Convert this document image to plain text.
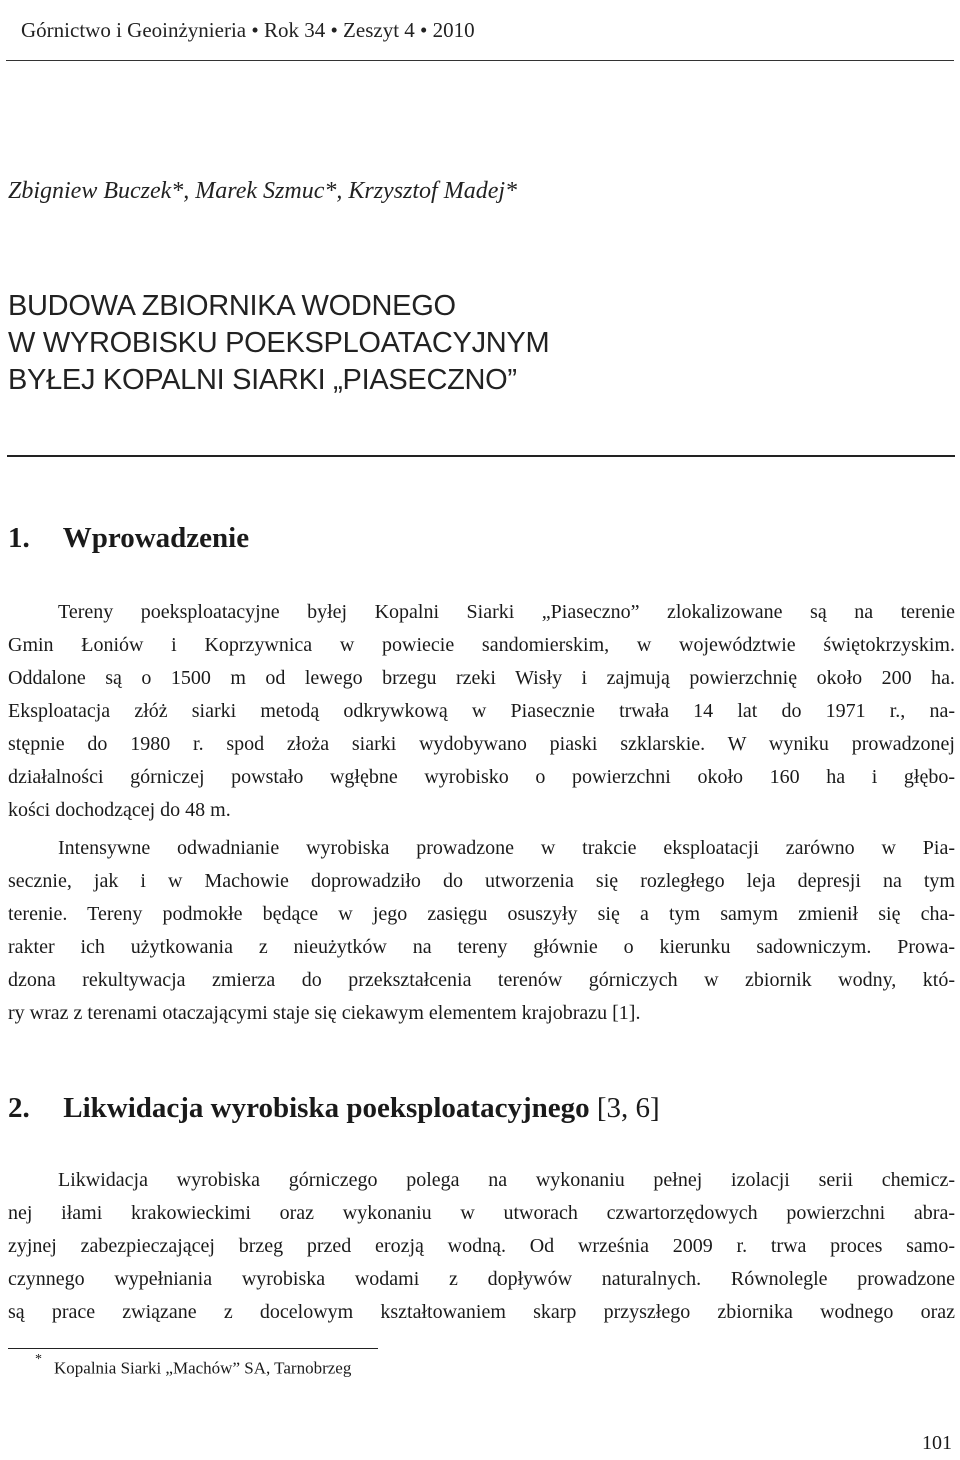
Górnictwo i Geoinżynieria • Rok 34 • Zeszyt 4 • 2010
Zbigniew Buczek*, Marek Szmuc*, Krzysztof Madej*
BUDOWA ZBIORNIKA WODNEGO
W WYROBISKU POEKSPLOATACYJNYM
BYŁEJ KOPALNI SIARKI „PIASECZNO”
1. Wprowadzenie
Tereny poeksploatacyjne byłej Kopalni Siarki „Piaseczno” zlokalizowane są na terenie
Gmin Łoniów i Koprzywnica w powiecie sandomierskim, w województwie świętokrzyskim.
Oddalone są o 1500 m od lewego brzegu rzeki Wisły i zajmują powierzchnię około 200 ha.
Eksploatacja złóż siarki metodą odkrywkową w Piasecznie trwała 14 lat do 1971 r., na-
stępnie do 1980 r. spod złoża siarki wydobywano piaski szklarskie. W wyniku prowadzonej
działalności górniczej powstało wgłębne wyrobisko o powierzchni około 160 ha i głębo-
kości dochodzącej do 48 m.
Intensywne odwadnianie wyrobiska prowadzone w trakcie eksploatacji zarówno w Pia-
secznie, jak i w Machowie doprowadziło do utworzenia się rozległego leja depresji na tym
terenie. Tereny podmokłe będące w jego zasięgu osuszyły się a tym samym zmienił się cha-
rakter ich użytkowania z nieużytków na tereny głównie o kierunku sadowniczym. Prowa-
dzona rekultywacja zmierza do przekształcenia terenów górniczych w zbiornik wodny, któ-
ry wraz z terenami otaczającymi staje się ciekawym elementem krajobrazu [1].
2. Likwidacja wyrobiska poeksploatacyjnego [3, 6]
Likwidacja wyrobiska górniczego polega na wykonaniu pełnej izolacji serii chemicz-
nej iłami krakowieckimi oraz wykonaniu w utworach czwartorzędowych powierzchni abra-
zyjnej zabezpieczającej brzeg przed erozją wodną. Od września 2009 r. trwa proces samo-
czynnego wypełniania wyrobiska wodami z dopływów naturalnych. Równolegle prowadzone
są prace związane z docelowym kształtowaniem skarp przyszłego zbiornika wodnego oraz
* Kopalnia Siarki „Machów” SA, Tarnobrzeg
101
